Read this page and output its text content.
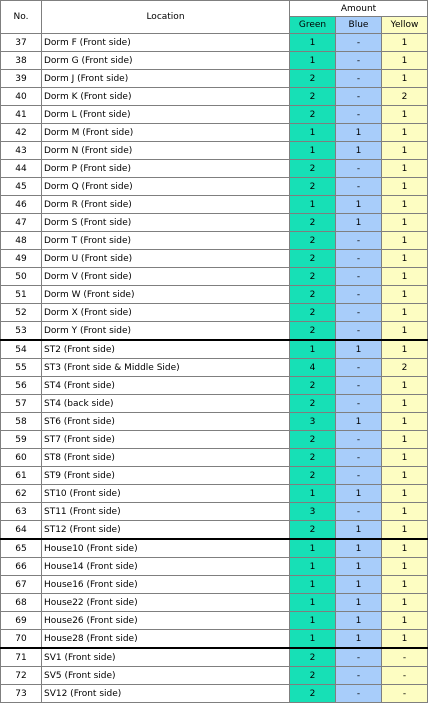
No.	Location	Amount		
		Green	Blue	Yellow
37	Dorm F (Front side)	1	-	1
38	Dorm G (Front side)	1	-	1
39	Dorm J (Front side)	2	-	1
40	Dorm K (Front side)	2	-	2
41	Dorm L (Front side)	2	-	1
42	Dorm M (Front side)	1	1	1
43	Dorm N (Front side)	1	1	1
44	Dorm P (Front side)	2	-	1
45	Dorm Q (Front side)	2	-	1
46	Dorm R (Front side)	1	1	1
47	Dorm S (Front side)	2	1	1
48	Dorm T (Front side)	2	-	1
49	Dorm U (Front side)	2	-	1
50	Dorm V (Front side)	2	-	1
51	Dorm W (Front side)	2	-	1
52	Dorm X (Front side)	2	-	1
53	Dorm Y (Front side)	2	-	1
54	ST2 (Front side)	1	1	1
55	ST3 (Front side & Middle Side)	4	-	2
56	ST4 (Front side)	2	-	1
57	ST4 (back side)	2	-	1
58	ST6 (Front side)	3	1	1
59	ST7 (Front side)	2	-	1
60	ST8 (Front side)	2	-	1
61	ST9 (Front side)	2	-	1
62	ST10 (Front side)	1	1	1
63	ST11 (Front side)	3	-	1
64	ST12 (Front side)	2	1	1
65	House10 (Front side)	1	1	1
66	House14 (Front side)	1	1	1
67	House16 (Front side)	1	1	1
68	House22 (Front side)	1	1	1
69	House26 (Front side)	1	1	1
70	House28 (Front side)	1	1	1
71	SV1 (Front side)	2	-	-
72	SV5 (Front side)	2	-	-
73	SV12 (Front side)	2	-	-
